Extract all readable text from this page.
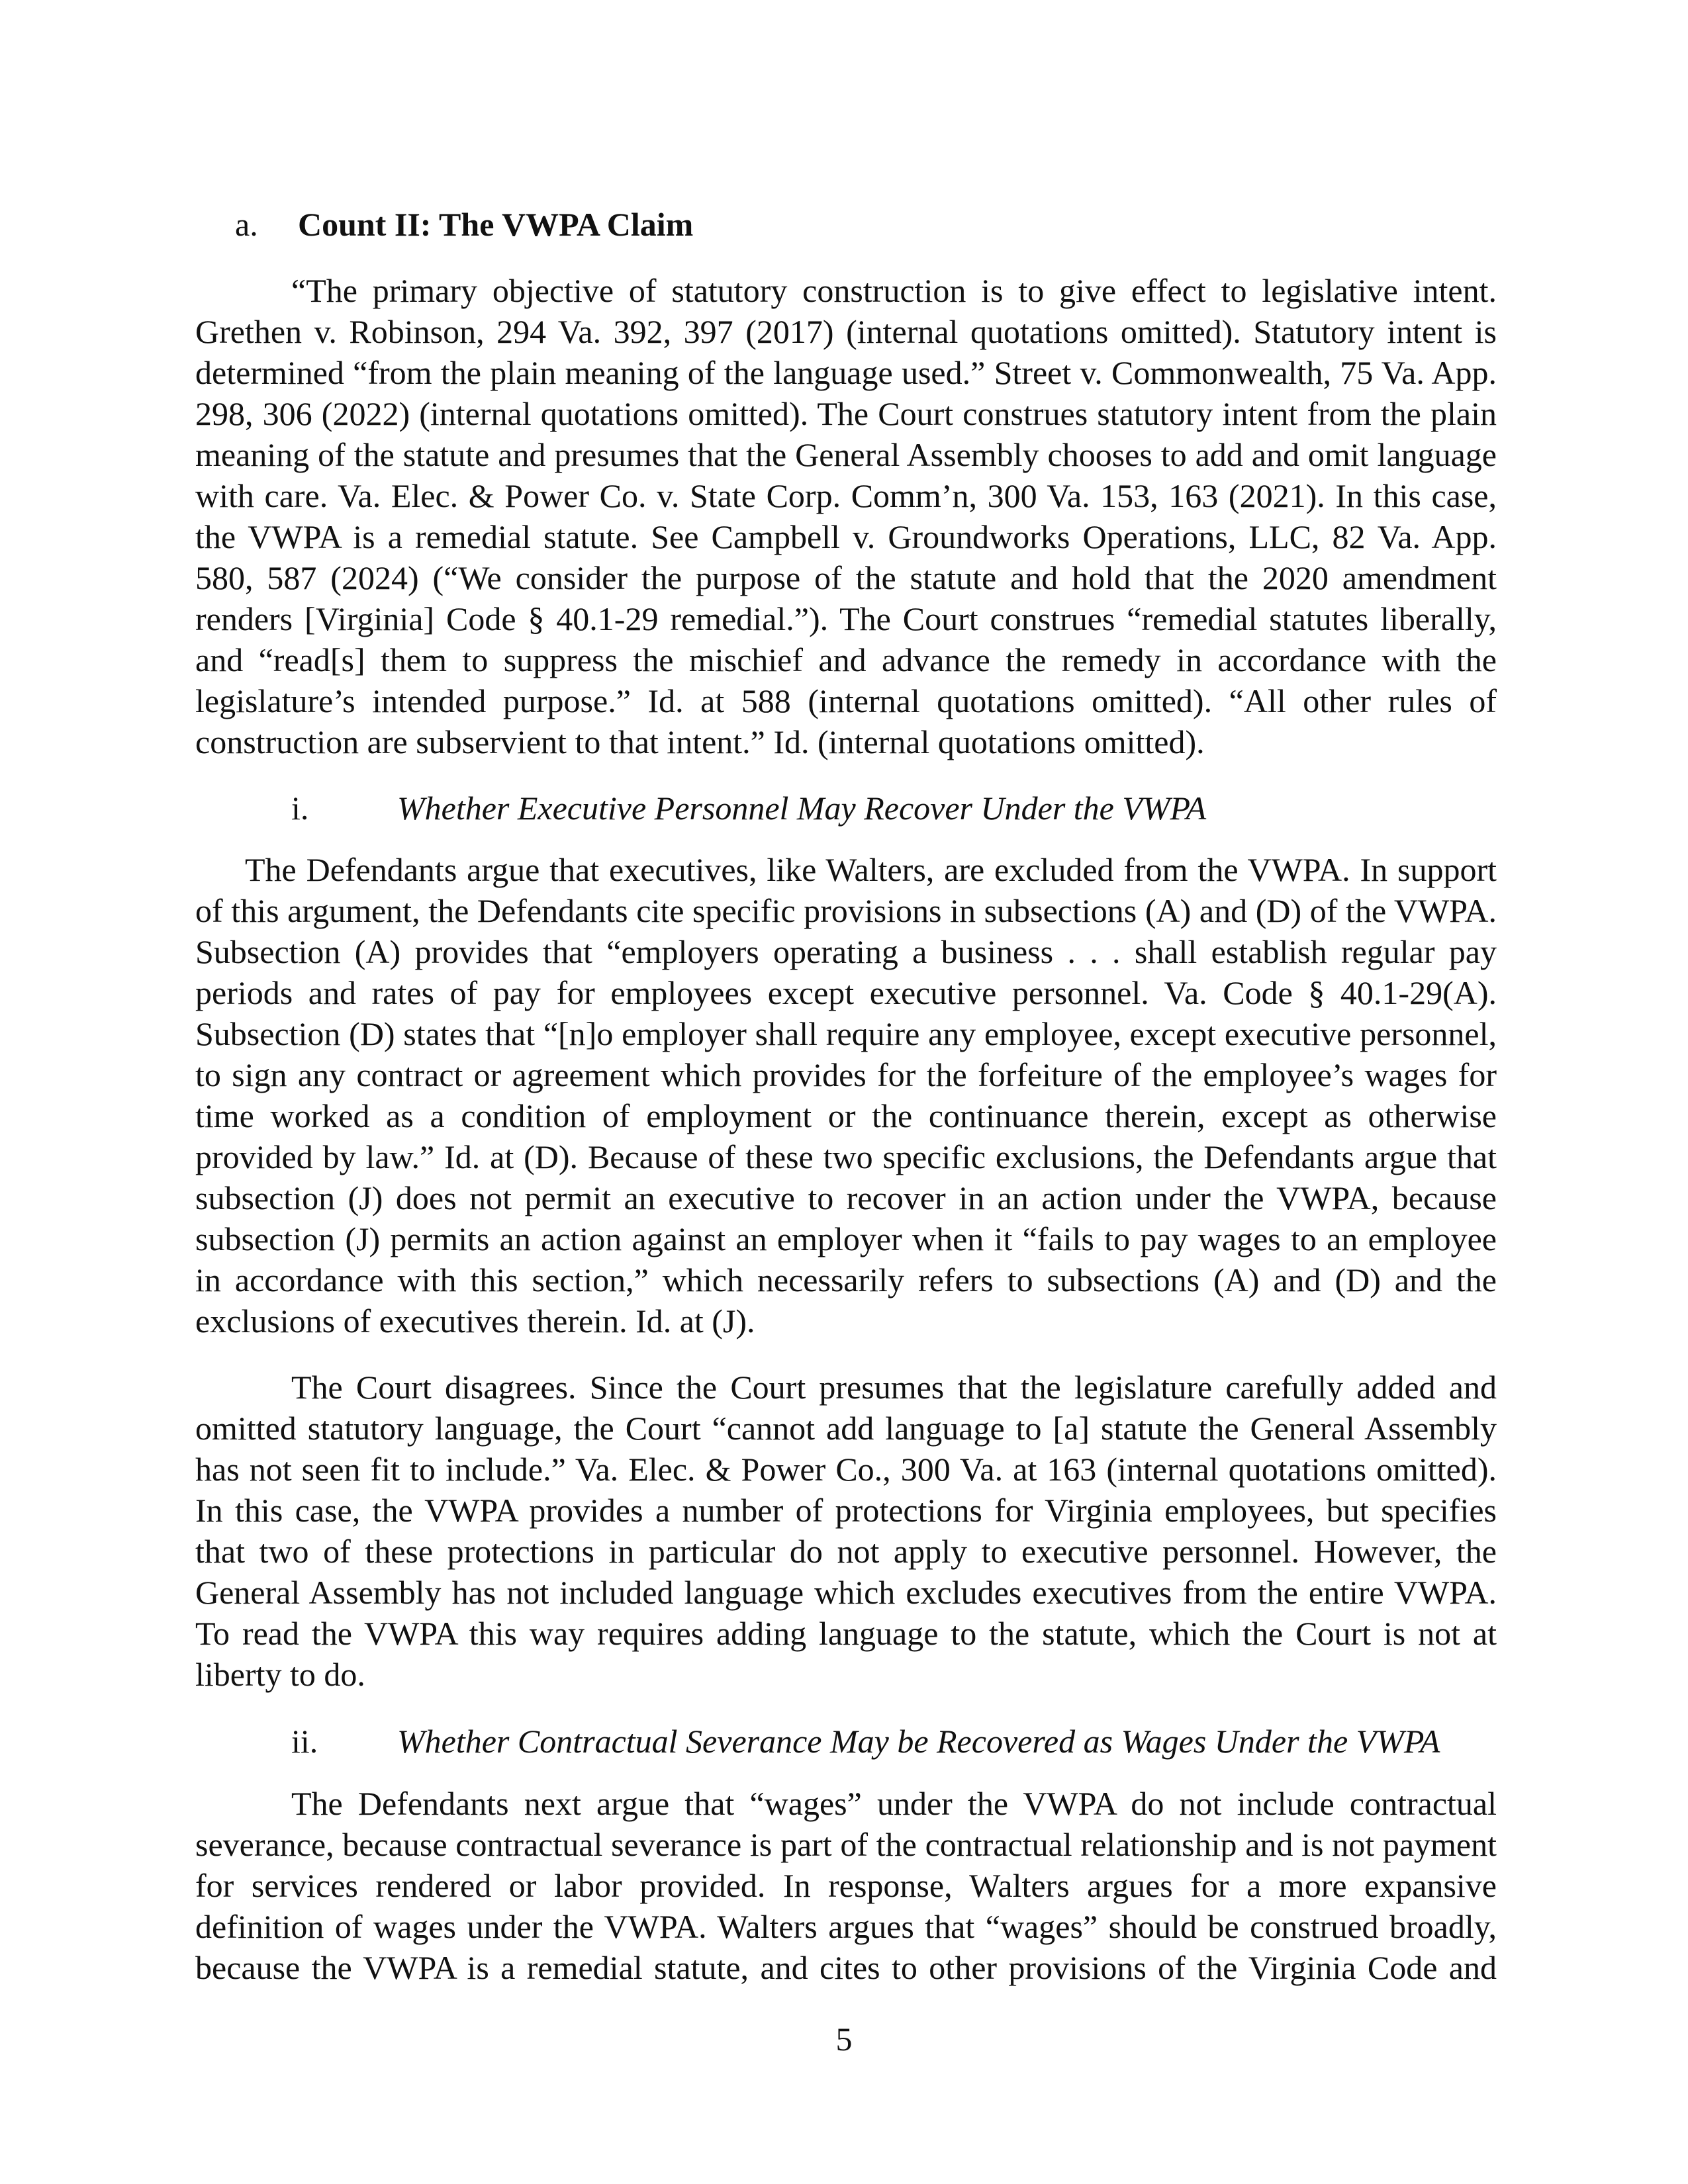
a. Count II: The VWPA Claim
“The primary objective of statutory construction is to give effect to legislative intent.
Grethen v. Robinson, 294 Va. 392, 397 (2017) (internal quotations omitted). Statutory intent is
determined “from the plain meaning of the language used.” Street v. Commonwealth, 75 Va. App.
298, 306 (2022) (internal quotations omitted). The Court construes statutory intent from the plain
meaning of the statute and presumes that the General Assembly chooses to add and omit language
with care. Va. Elec. & Power Co. v. State Corp. Comm’n, 300 Va. 153, 163 (2021). In this case,
the VWPA is a remedial statute. See Campbell v. Groundworks Operations, LLC, 82 Va. App.
580, 587 (2024) (“We consider the purpose of the statute and hold that the 2020 amendment
renders [Virginia] Code § 40.1-29 remedial.”). The Court construes “remedial statutes liberally,
and “read[s] them to suppress the mischief and advance the remedy in accordance with the
legislature’s intended purpose.” Id. at 588 (internal quotations omitted). “All other rules of
construction are subservient to that intent.” Id. (internal quotations omitted).
i.	Whether Executive Personnel May Recover Under the VWPA
The Defendants argue that executives, like Walters, are excluded from the VWPA. In support
of this argument, the Defendants cite specific provisions in subsections (A) and (D) of the VWPA.
Subsection (A) provides that “employers operating a business . . . shall establish regular pay
periods and rates of pay for employees except executive personnel. Va. Code § 40.1-29(A).
Subsection (D) states that “[n]o employer shall require any employee, except executive personnel,
to sign any contract or agreement which provides for the forfeiture of the employee’s wages for
time worked as a condition of employment or the continuance therein, except as otherwise
provided by law.” Id. at (D). Because of these two specific exclusions, the Defendants argue that
subsection (J) does not permit an executive to recover in an action under the VWPA, because
subsection (J) permits an action against an employer when it “fails to pay wages to an employee
in accordance with this section,” which necessarily refers to subsections (A) and (D) and the
exclusions of executives therein. Id. at (J).
The Court disagrees. Since the Court presumes that the legislature carefully added and
omitted statutory language, the Court “cannot add language to [a] statute the General Assembly
has not seen fit to include.” Va. Elec. & Power Co., 300 Va. at 163 (internal quotations omitted).
In this case, the VWPA provides a number of protections for Virginia employees, but specifies
that two of these protections in particular do not apply to executive personnel. However, the
General Assembly has not included language which excludes executives from the entire VWPA.
To read the VWPA this way requires adding language to the statute, which the Court is not at
liberty to do.
ii. Whether Contractual Severance May be Recovered as Wages Under the VWPA
The Defendants next argue that “wages” under the VWPA do not include contractual
severance, because contractual severance is part of the contractual relationship and is not payment
for services rendered or labor provided. In response, Walters argues for a more expansive
definition of wages under the VWPA. Walters argues that “wages” should be construed broadly,
because the VWPA is a remedial statute, and cites to other provisions of the Virginia Code and
5
